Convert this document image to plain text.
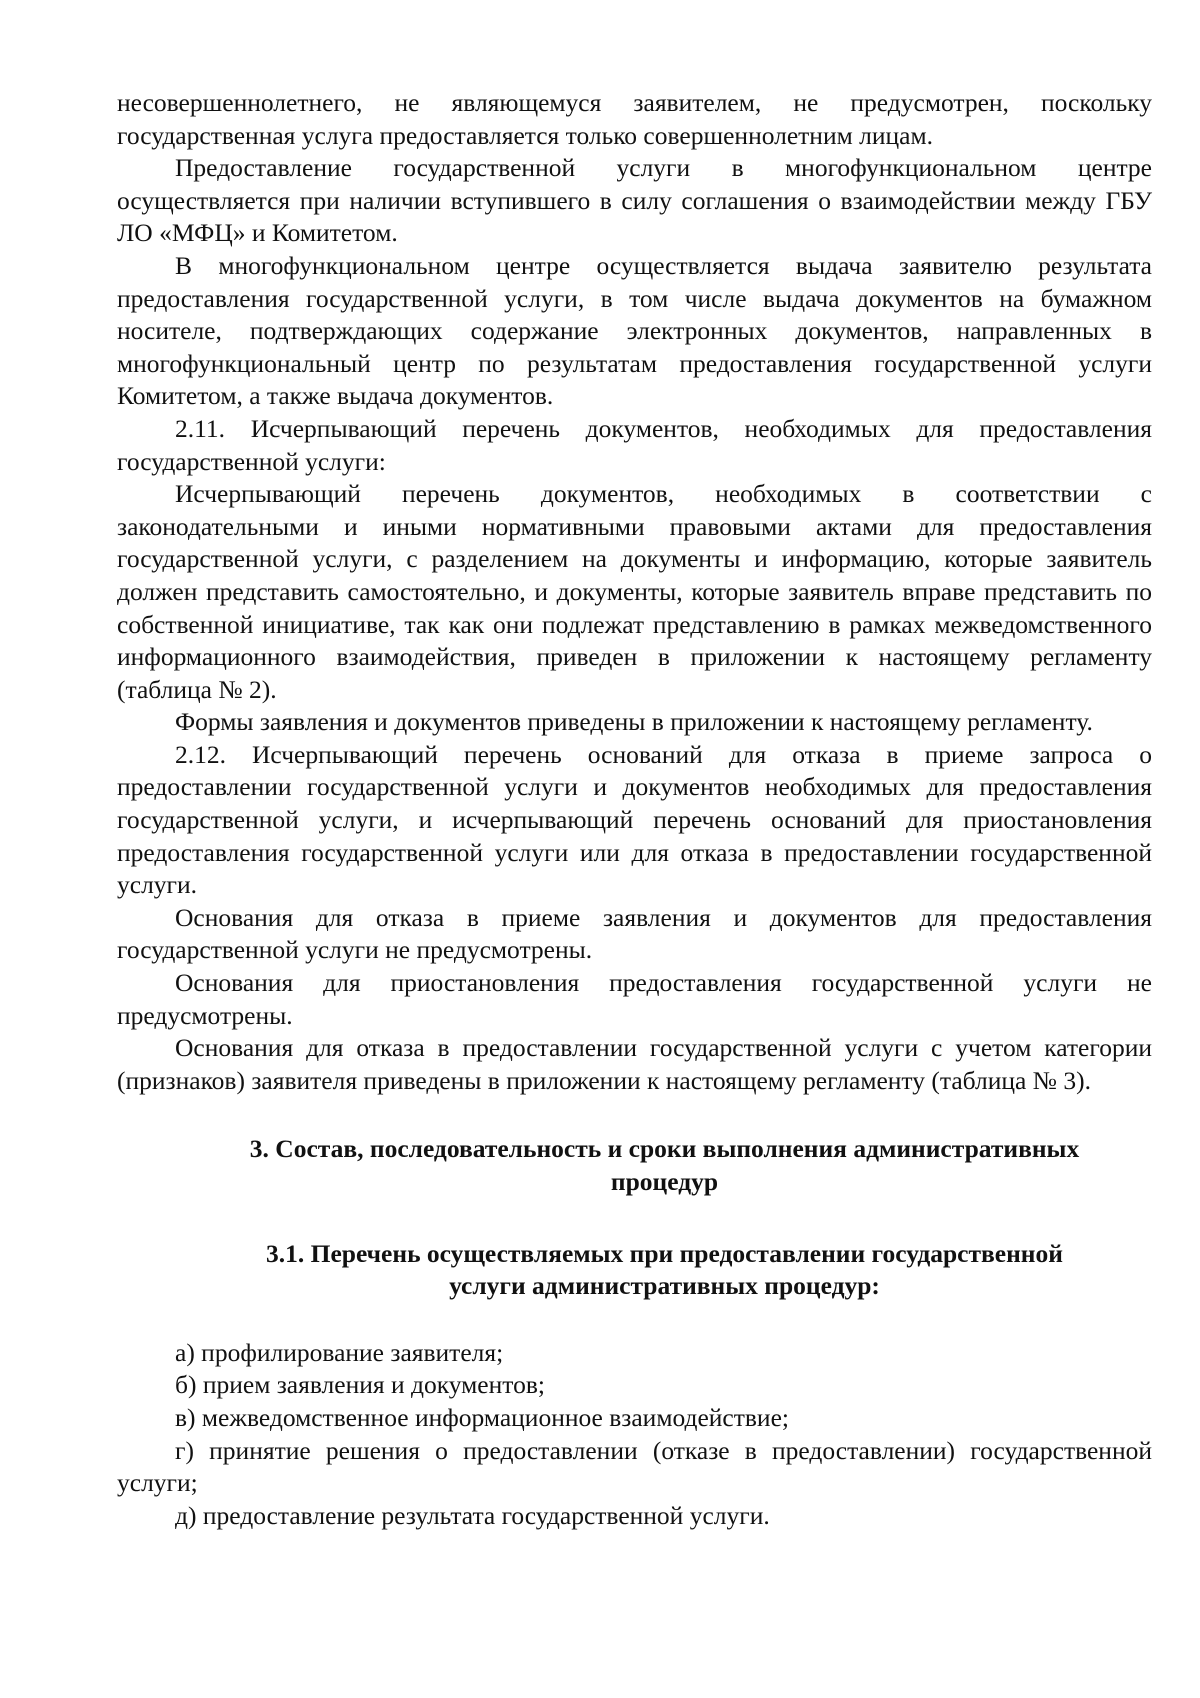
несовершеннолетнего, не являющемуся заявителем, не предусмотрен, поскольку государственная услуга предоставляется только совершеннолетним лицам.

Предоставление государственной услуги в многофункциональном центре осуществляется при наличии вступившего в силу соглашения о взаимодействии между ГБУ ЛО «МФЦ» и Комитетом.

В многофункциональном центре осуществляется выдача заявителю результата предоставления государственной услуги, в том числе выдача документов на бумажном носителе, подтверждающих содержание электронных документов, направленных в многофункциональный центр по результатам предоставления государственной услуги Комитетом, а также выдача документов.

2.11. Исчерпывающий перечень документов, необходимых для предоставления государственной услуги:

Исчерпывающий перечень документов, необходимых в соответствии с законодательными и иными нормативными правовыми актами для предоставления государственной услуги, с разделением на документы и информацию, которые заявитель должен представить самостоятельно, и документы, которые заявитель вправе представить по собственной инициативе, так как они подлежат представлению в рамках межведомственного информационного взаимодействия, приведен в приложении к настоящему регламенту (таблица № 2).

Формы заявления и документов приведены в приложении к настоящему регламенту.

2.12. Исчерпывающий перечень оснований для отказа в приеме запроса о предоставлении государственной услуги и документов необходимых для предоставления государственной услуги, и исчерпывающий перечень оснований для приостановления предоставления государственной услуги или для отказа в предоставлении государственной услуги.

Основания для отказа в приеме заявления и документов для предоставления государственной услуги не предусмотрены.

Основания для приостановления предоставления государственной услуги не предусмотрены.

Основания для отказа в предоставлении государственной услуги с учетом категории (признаков) заявителя приведены в приложении к настоящему регламенту (таблица № 3).

3. Состав, последовательность и сроки выполнения административных
процедур
3.1. Перечень осуществляемых при предоставлении государственной
услуги административных процедур:

а) профилирование заявителя;

б) прием заявления и документов;

в) межведомственное информационное взаимодействие;

г) принятие решения о предоставлении (отказе в предоставлении) государственной услуги;

д) предоставление результата государственной услуги.
